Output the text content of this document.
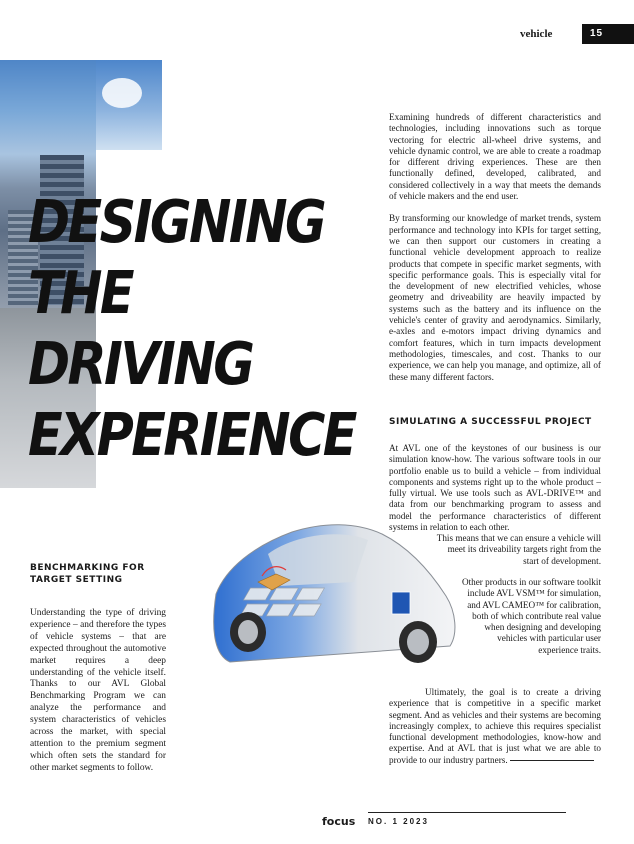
vehicle	15
DESIGNING
THE
DRIVING
EXPERIENCE
BENCHMARKING FOR TARGET SETTING

Understanding the type of driving experience – and therefore the types of vehicle systems – that are expected throughout the automotive market requires a deep understanding of the vehicle itself. Thanks to our AVL Global Benchmarking Program we can analyze the performance and system characteristics of vehicles across the market, with special attention to the premium segment which often sets the standard for other market segments to follow.

Examining hundreds of different characteristics and technologies, including innovations such as torque vectoring for electric all-wheel drive systems, and vehicle dynamic control, we are able to create a roadmap for different driving experiences. These are then functionally defined, developed, calibrated, and considered collectively in a way that meets the demands of vehicle makers and the end user.

By transforming our knowledge of market trends, system performance and technology into KPIs for target setting, we can then support our customers in creating a functional vehicle development approach to realize products that compete in specific market segments, with specific performance goals. This is especially vital for the development of new electrified vehicles, whose geometry and driveability are heavily impacted by systems such as the battery and its influence on the vehicle's center of gravity and aerodynamics. Similarly, e-axles and e-motors impact driving dynamics and comfort features, which in turn impacts development methodologies, timescales, and cost. Thanks to our experience, we can help you manage, and optimize, all of these many different factors.

SIMULATING A SUCCESSFUL PROJECT

At AVL one of the keystones of our business is our simulation know-how. The various software tools in our portfolio enable us to build a vehicle – from individual components and systems right up to the whole product – fully virtual. We use tools such as AVL-DRIVE™ and data from our benchmarking program to assess and model the performance characteristics of different systems in relation to each other.

This means that we can ensure a vehicle will meet its driveability targets right from the start of development.

Other products in our software toolkit include AVL VSM™ for simulation, and AVL CAMEO™ for calibration, both of which contribute real value when designing and developing vehicles with particular user experience traits.

Ultimately, the goal is to create a driving experience that is competitive in a specific market segment. And as vehicles and their systems are becoming increasingly complex, to achieve this requires specialist functional development methodologies, know-how and expertise. And at AVL that is just what we are able to provide to our industry partners.

focus NO. 1 2023
